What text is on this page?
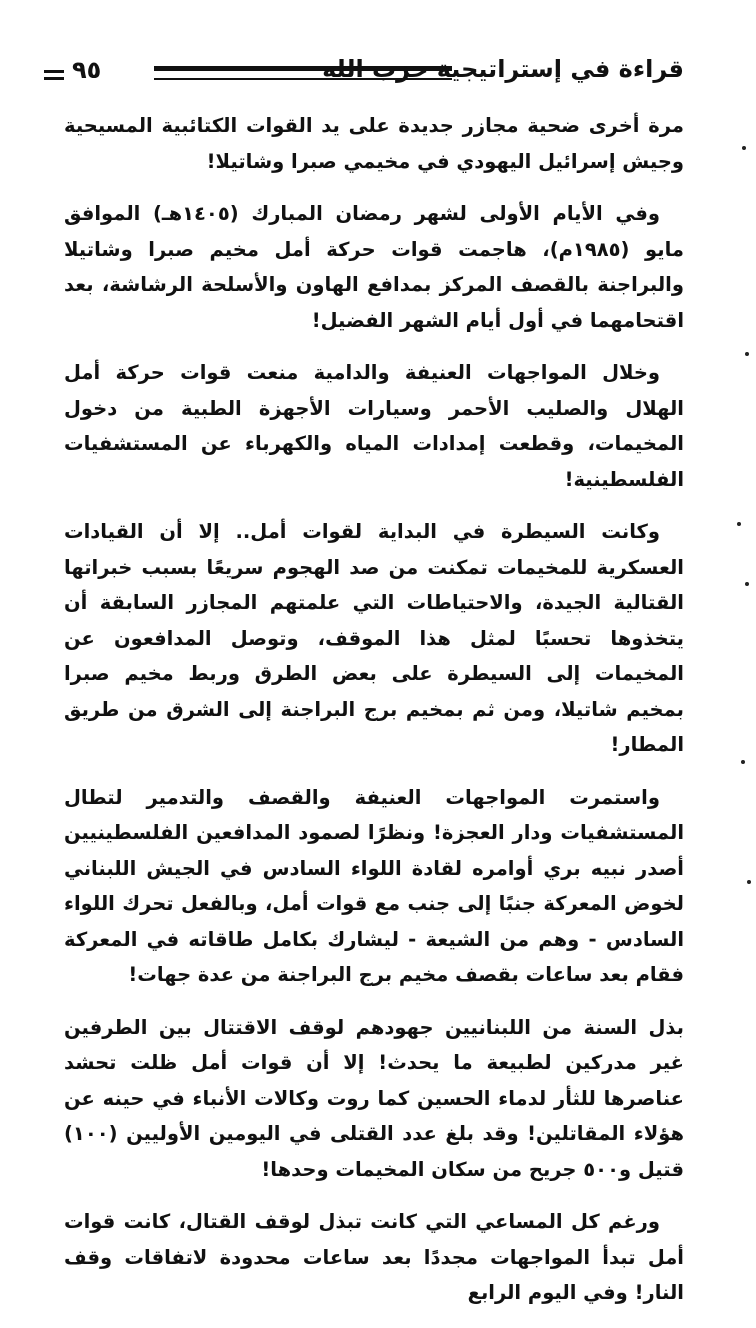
٩٥	قراءة في إستراتيجية حزب الله

مرة أخرى ضحية مجازر جديدة على يد القوات الكتائبية المسيحية وجيش إسرائيل اليهودي في مخيمي صبرا وشاتيلا!

وفي الأيام الأولى لشهر رمضان المبارك (١٤٠٥هـ) الموافق مايو (١٩٨٥م)، هاجمت قوات حركة أمل مخيم صبرا وشاتيلا والبراجنة بالقصف المركز بمدافع الهاون والأسلحة الرشاشة، بعد اقتحامهما في أول أيام الشهر الفضيل!

وخلال المواجهات العنيفة والدامية منعت قوات حركة أمل الهلال والصليب الأحمر وسيارات الأجهزة الطبية من دخول المخيمات، وقطعت إمدادات المياه والكهرباء عن المستشفيات الفلسطينية!

وكانت السيطرة في البداية لقوات أمل.. إلا أن القيادات العسكرية للمخيمات تمكنت من صد الهجوم سريعًا بسبب خبراتها القتالية الجيدة، والاحتياطات التي علمتهم المجازر السابقة أن يتخذوها تحسبًا لمثل هذا الموقف، وتوصل المدافعون عن المخيمات إلى السيطرة على بعض الطرق وربط مخيم صبرا بمخيم شاتيلا، ومن ثم بمخيم برج البراجنة إلى الشرق من طريق المطار!

واستمرت المواجهات العنيفة والقصف والتدمير لتطال المستشفيات ودار العجزة! ونظرًا لصمود المدافعين الفلسطينيين أصدر نبيه بري أوامره لقادة اللواء السادس في الجيش اللبناني لخوض المعركة جنبًا إلى جنب مع قوات أمل، وبالفعل تحرك اللواء السادس - وهم من الشيعة - ليشارك بكامل طاقاته في المعركة فقام بعد ساعات بقصف مخيم برج البراجنة من عدة جهات!

بذل السنة من اللبنانيين جهودهم لوقف الاقتتال بين الطرفين غير مدركين لطبيعة ما يحدث! إلا أن قوات أمل ظلت تحشد عناصرها للثأر لدماء الحسين كما روت وكالات الأنباء في حينه عن هؤلاء المقاتلين! وقد بلغ عدد القتلى في اليومين الأوليين (١٠٠) قتيل و٥٠٠ جريح من سكان المخيمات وحدها!

ورغم كل المساعي التي كانت تبذل لوقف القتال، كانت قوات أمل تبدأ المواجهات مجددًا بعد ساعات محدودة لاتفاقات وقف النار! وفي اليوم الرابع
